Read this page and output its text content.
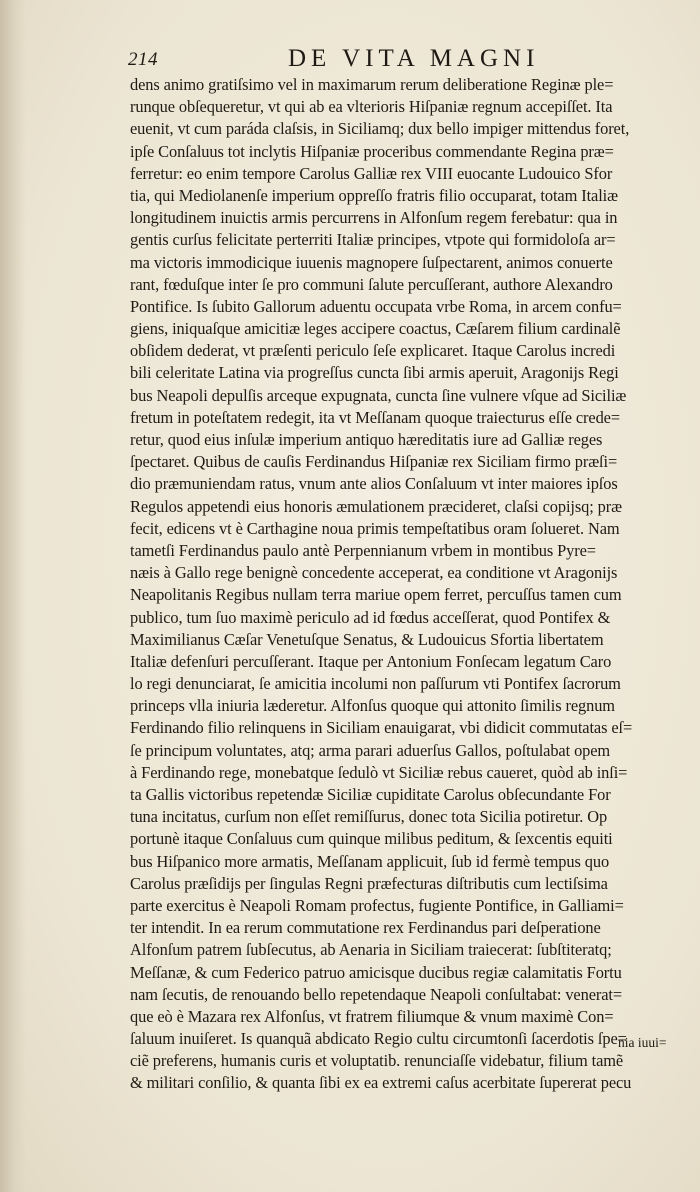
214	DE VITA MAGNI
dens animo gratiſsimo vel in maximarum rerum deliberatione Reginæ ple=
runque obſequeretur, vt qui ab ea vlterioris Hiſpaniæ regnum accepiſſet. Ita
euenit, vt cum paráda claſsis, in Siciliamq; dux bello impiger mittendus foret,
ipſe Conſaluus tot inclytis Hiſpaniæ proceribus commendante Regina præ=
ferretur: eo enim tempore Carolus Galliæ rex VIII euocante Ludouico Sfor
tia, qui Mediolanenſe imperium oppreſſo fratris filio occuparat, totam Italiæ
longitudinem inuictis armis percurrens in Alfonſum regem ferebatur: qua in
gentis curſus felicitate perterriti Italiæ principes, vtpote qui formidoloſa ar=
ma victoris immodicique iuuenis magnopere ſuſpectarent, animos conuerte
rant, fœduſque inter ſe pro communi ſalute percuſſerant, authore Alexandro
Pontifice. Is ſubito Gallorum aduentu occupata vrbe Roma, in arcem confu=
giens, iniquaſque amicitiæ leges accipere coactus, Cæſarem filium cardinalẽ
obſidem dederat, vt præſenti periculo ſeſe explicaret. Itaque Carolus incredi
bili celeritate Latina via progreſſus cuncta ſibi armis aperuit, Aragonijs Regi
bus Neapoli depulſis arceque expugnata, cuncta ſine vulnere vſque ad Siciliæ
fretum in poteſtatem redegit, ita vt Meſſanam quoque traiecturus eſſe crede=
retur, quod eius inſulæ imperium antiquo hæreditatis iure ad Galliæ reges
ſpectaret. Quibus de cauſis Ferdinandus Hiſpaniæ rex Siciliam firmo præſi=
dio præmuniendam ratus, vnum ante alios Conſaluum vt inter maiores ipſos
Regulos appetendi eius honoris æmulationem præcideret, claſsi copijsq; præ
fecit, edicens vt è Carthagine noua primis tempeſtatibus oram ſolueret. Nam
tametſi Ferdinandus paulo antè Perpennianum vrbem in montibus Pyre=
næis à Gallo rege benignè concedente acceperat, ea conditione vt Aragonijs
Neapolitanis Regibus nullam terra mariue opem ferret, percuſſus tamen cum
publico, tum ſuo maximè periculo ad id fœdus acceſſerat, quod Pontifex &
Maximilianus Cæſar Venetuſque Senatus, & Ludouicus Sfortia libertatem
Italiæ defenſuri percuſſerant. Itaque per Antonium Fonſecam legatum Caro
lo regi denunciarat, ſe amicitia incolumi non paſſurum vti Pontifex ſacrorum
princeps vlla iniuria læderetur. Alfonſus quoque qui attonito ſimilis regnum
Ferdinando filio relinquens in Siciliam enauigarat, vbi didicit commutatas eſ=
ſe principum voluntates, atq; arma parari aduerſus Gallos, poſtulabat opem
à Ferdinando rege, monebatque ſedulò vt Siciliæ rebus caueret, quòd ab inſi=
ta Gallis victoribus repetendæ Siciliæ cupiditate Carolus obſecundante For
tuna incitatus, curſum non eſſet remiſſurus, donec tota Sicilia potiretur. Op
portunè itaque Conſaluus cum quinque milibus peditum, & ſexcentis equiti
bus Hiſpanico more armatis, Meſſanam applicuit, ſub id fermè tempus quo
Carolus præſidijs per ſingulas Regni præfecturas diſtributis cum lectiſsima
parte exercitus è Neapoli Romam profectus, fugiente Pontifice, in Galliami=
ter intendit. In ea rerum commutatione rex Ferdinandus pari deſperatione
Alfonſum patrem ſubſecutus, ab Aenaria in Siciliam traiecerat: ſubſtiteratq;
Meſſanæ, & cum Federico patruo amicisque ducibus regiæ calamitatis Fortu
nam ſecutis, de renouando bello repetendaque Neapoli conſultabat: venerat=
que eò è Mazara rex Alfonſus, vt fratrem filiumque & vnum maximè Con=
ſaluum inuiſeret. Is quanquã abdicato Regio cultu circumtonſi ſacerdotis ſpe=
ciẽ preferens, humanis curis et voluptatib. renunciaſſe videbatur, filium tamẽ
& militari conſilio, & quanta ſibi ex ea extremi caſus acerbitate ſupererat pecu
nia iuui=
